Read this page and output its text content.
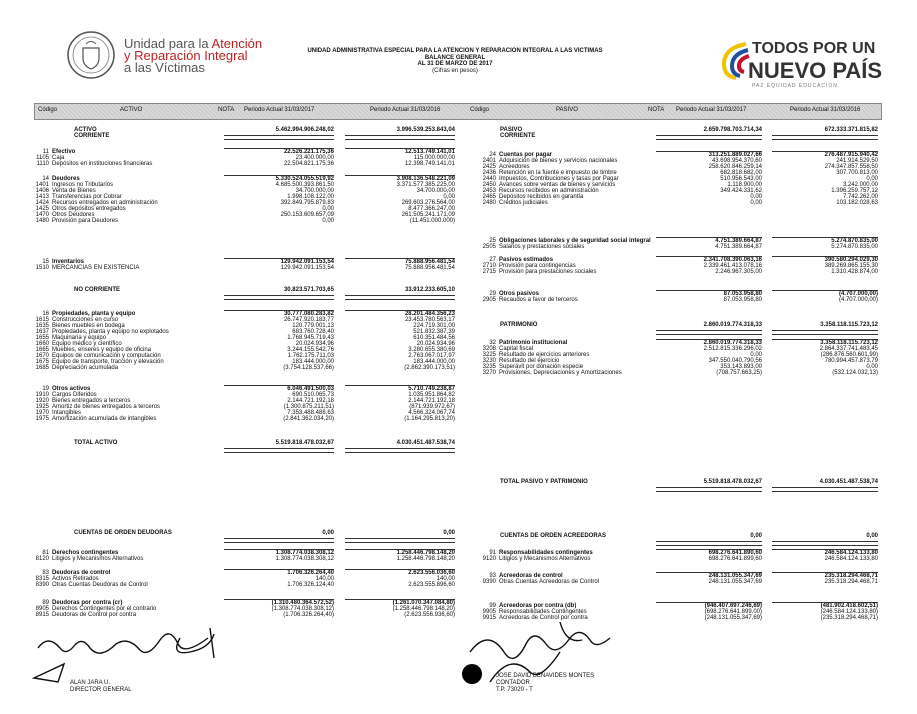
Unidad para la Atención
y Reparación Integral
a las Víctimas
UNIDAD ADMINISTRATIVA ESPECIAL PARA LA ATENCION Y REPARACION INTEGRAL A LAS VICTIMAS
BALANCE GENERAL
AL 31 DE MARZO DE 2017
(Cifras en pesos)
TODOS POR UN
NUEVO PAÍS
PAZ EQUIDAD EDUCACION
Código	ACTIVO	NOTA Periodo Actual 31/03/2017	Periodo Actual 31/03/2016	Código	PASIVO	NOTA Periodo Actual 31/03/2017	Periodo Actual 31/03/2016
ACTIVO	5.462.994.906.248,02	3.996.539.253.843,04
CORRIENTE
11 Efectivo	22.526.221.175,36	12.513.749.141,01
1105 Caja	23.400.000,00	115.000.000,00
1110 Depósitos en instituciones financieras	22.504.821.175,36	12.398.749.141,01
14 Deudores	5.330.524.055.519,92	3.908.136.548.221,09
1401 Ingresos no Tributarios	4.685.500.393.861,50	3.371.577.385.225,00
1406 Venta de Bienes	34.700.000,00	34.700.000,00
1413 Transferencias por Cobrar	1.998.108.122,00	0,00
1424 Recursos entregados en administración	392.849.795.879,83	269.603.276.564,00
1425 Otros depósitos entregados	0,00	8.477.366.247,00
1470 Otros Deudores	250.153.609.657,09	261.505.241.171,09
1480 Provisión para Deudores	0,00	(11.451.000.000)
15 Inventarios	129.942.091.153,54	75.888.956.481,54
1510 MERCANCIAS EN EXISTENCIA	129.942.091.153,54	75.888.956.481,54
NO CORRIENTE	30.823.571.703,65	33.912.233.605,10
16 Propiedades, planta y equipo	30.777.080.283,82	28.201.484.356,23
1615 Construcciones en curso	26.747.920.183,77	23.453.780.563,17
1635 Bienes muebles en bodega	120.779.001,13	224.719.301,00
1637 Propiedades, planta y equipo no explotados	683.760.728,40	521.832.387,39
1655 Maquinaria y equipo	1.768.945.719,43	610.351.484,56
1660 Equipo médico y científico	20.024.934,96	20.024.934,96
1665 Muebles, enseres y equipo de oficina	3.244.155.542,76	3.280.655.380,69
1670 Equipos de comunicación y computación	1.762.175.711,03	2.763.067.017,97
1675 Equipo de transporte, tracción y elevación	183.444.000,00	183.444.000,00
1685 Depreciación acumulada	(3.754.128.537,66)	(2.862.390.173,51)
19 Otros activos	6.046.491.500,03	5.710.749.238,87
1910 Cargos Diferidos	690.510.065,73	1.035.951.864,82
1920 Bienes entregados a terceros	2.144.721.192,18	2.144.721.192,18
1925 Amortiz de bienes entregados a terceros	(1.300.875.211,51)	(871.939.972,67)
1970 Intangibles	7.353.488.488,63	4.566.324.067,74
1975 Amortización acumulada de intangibles	(2.841.362.034,20)	(1.164.295.813,20)
TOTAL ACTIVO	5.519.818.478.032,67	4.030.451.487.538,74
CUENTAS DE ORDEN DEUDORAS	0,00	0,00
81 Derechos contingentes	1.308.774.038.308,12	1.258.446.798.148,20
8120 Litigios y Mecanismos Alternativos	1.308.774.038.308,12	1.258.446.798.148,20
83 Deudoras de control	1.706.326.264,40	2.623.556.036,60
8315 Activos Retirados	140,00	140,00
8390 Otras Cuentas Deudoras de Control	1.706.326.124,40	2.623.555.896,60
89 Deudoras por contra (cr)	(1.310.480.364.572,52)	(1.261.070.347.084,80)
8905 Derechos Contingentes por el contrario	(1.308.774.038.308,12)	(1.258.446.798.148,20)
8915 Deudoras de Control por contra	(1.706.326.264,40)	(2.623.556.936,60)
PASIVO	2.659.798.703.714,34	672.333.371.815,82
CORRIENTE
24 Cuentas por pagar	313.251.889.027,66	276.487.915.940,42
2401 Adquisición de bienes y servicios nacionales	43.698.954.370,60	241.914.529,50
2425 Acreedores	258.620.846.259,14	274.347.857.558,50
2436 Retención en la fuente e impuesto de timbre	682.818.682,00	307.700.813,00
2440 Impuestos, Contribuciones y tasas por Pagar	510.956.543,00	0,00
2450 Avances sobre ventas de bienes y servicios	1.118.900,00	3.242.000,00
2453 Recursos recibidos en administración	349.424.331,62	1.396.259.757,12
2465 Depósitos recibidos en garantía	0,00	7.742.262,00
2480 Créditos judiciales	0,00	103.182.028,63
25 Obligaciones laborales y de seguridad social integral	4.751.389.664,87	5.274.870.835,00
2505 Salarios y prestaciones sociales	4.751.389.664,87	5.274.870.835,00
27 Pasivos estimados	2.341.708.390.063,16	390.580.294.029,30
2710 Provisión para contingencias	2.339.461.413.078,16	389.269.865.155,30
2715 Provisión para prestaciones sociales	2.246.967.305,00	1.310.428.874,00
29 Otros pasivos	87.053.958,80	(4.707.000,00)
2905 Recaudos a favor de terceros	87.053.958,80	(4.707.000,00)
PATRIMONIO	2.860.019.774.318,33	3.358.118.115.723,12
32 Patrimonio institucional	2.860.019.774.318,33	3.358.118.115.723,12
3208 Capital fiscal	2.512.815.336.296,02	2.864.337.741.483,45
3225 Resultado de ejercicios anteriores	0,00	(286.876.560.601,99)
3230 Resultado del ejercicio	347.550.040.790,56	780.994.457.873,79
3235 Superávit por donación especie	353.143.893,00	0,00
3270 Provisiones, Depreciaciones y Amortizaciones	(708.757.663,25)	(532.124.032,13)
TOTAL PASIVO Y PATRIMONIO	5.519.818.478.032,67	4.030.451.487.538,74
CUENTAS DE ORDEN ACREEDORAS	0,00	0,00
91 Responsabilidades contingentes	698.276.641.890,60	246.584.124.133,80
9120 Litigios y Mecanismos Alternativos	698.276.641.899,60	246.584.124.133,80
93 Acreedoras de control	248.131.055.347,69	235.318.294.468,71
9390 Otras Cuentas Acreedoras de Control	248.131.055.347,69	235.318.294.468,71
99 Acreedoras por contra (db)	(946.407.697.246,69)	(481.902.418.602,51)
9905 Responsabilidades Contingentes	(698.276.641.899,00)	(246.584.124.133,80)
9915 Acreedoras de Control por contra	(248.131.055.347,69)	(235.318.294.468,71)
ALAN JARA U.
DIRECTOR GENERAL
JOSE DAVID BENAVIDES MONTES
CONTADOR
T.P. 73020 - T
